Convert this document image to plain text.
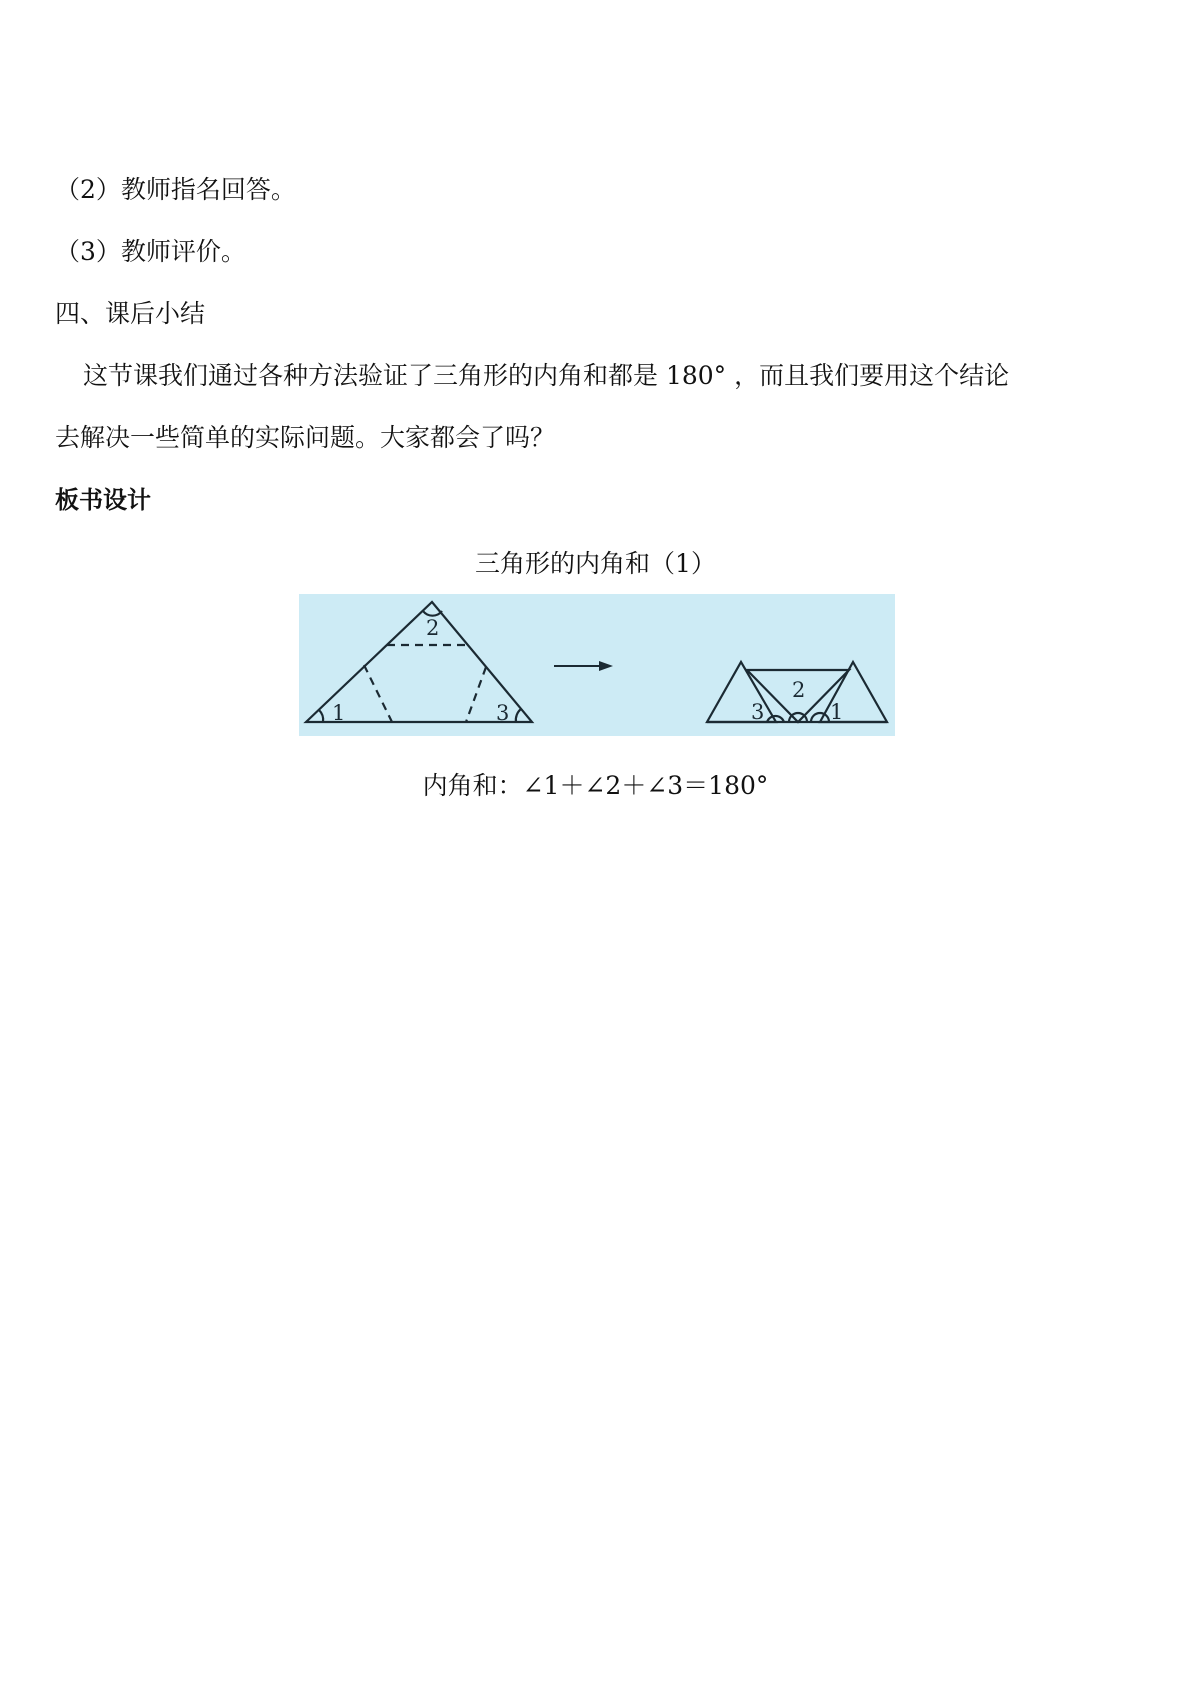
（2）教师指名回答。
（3）教师评价。
四、课后小结
这节课我们通过各种方法验证了三角形的内角和都是 180° ，而且我们要用这个结论
去解决一些简单的实际问题。大家都会了吗？
板书设计
三角形的内角和（1）
1
2
3	3
2
1
内角和：∠1＋∠2＋∠3＝180°
